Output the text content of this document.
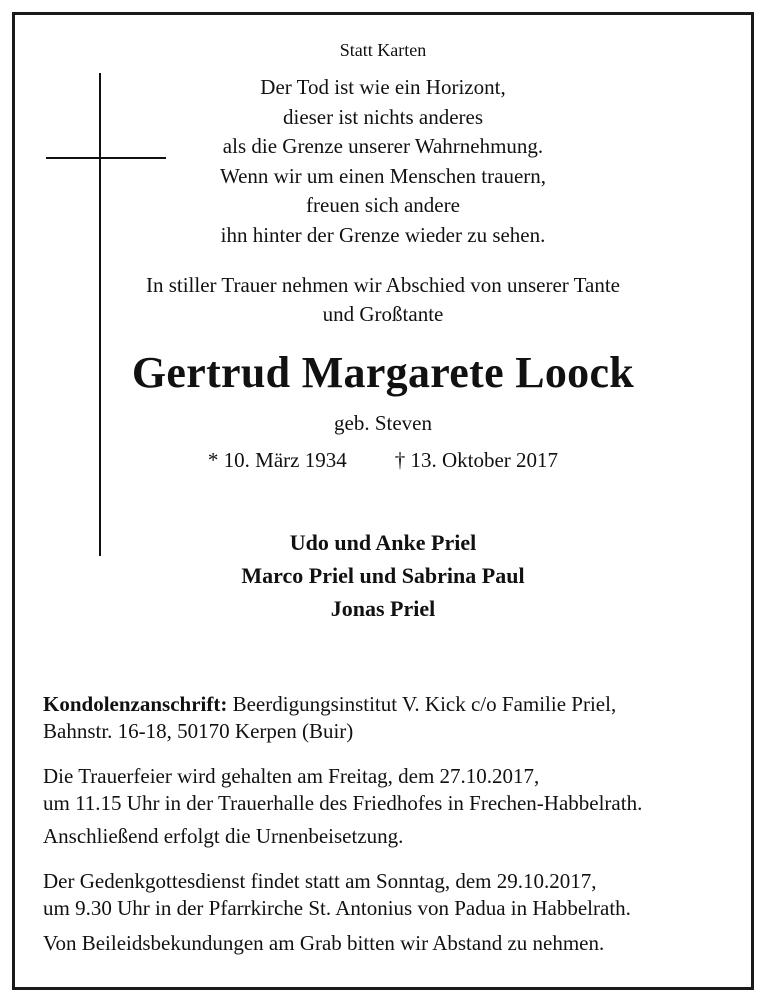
Statt Karten
Der Tod ist wie ein Horizont,
dieser ist nichts anderes
als die Grenze unserer Wahrnehmung.
Wenn wir um einen Menschen trauern,
freuen sich andere
ihn hinter der Grenze wieder zu sehen.
In stiller Trauer nehmen wir Abschied von unserer Tante
und Großtante
Gertrud Margarete Loock
geb. Steven
* 10. März 1934 † 13. Oktober 2017
Udo und Anke Priel
Marco Priel und Sabrina Paul
Jonas Priel
Kondolenzanschrift: Beerdigungsinstitut V. Kick c/o Familie Priel,
Bahnstr. 16-18, 50170 Kerpen (Buir)
Die Trauerfeier wird gehalten am Freitag, dem 27.10.2017,
um 11.15 Uhr in der Trauerhalle des Friedhofes in Frechen-Habbelrath.
Anschließend erfolgt die Urnenbeisetzung.
Der Gedenkgottesdienst findet statt am Sonntag, dem 29.10.2017,
um 9.30 Uhr in der Pfarrkirche St. Antonius von Padua in Habbelrath.
Von Beileidsbekundungen am Grab bitten wir Abstand zu nehmen.
